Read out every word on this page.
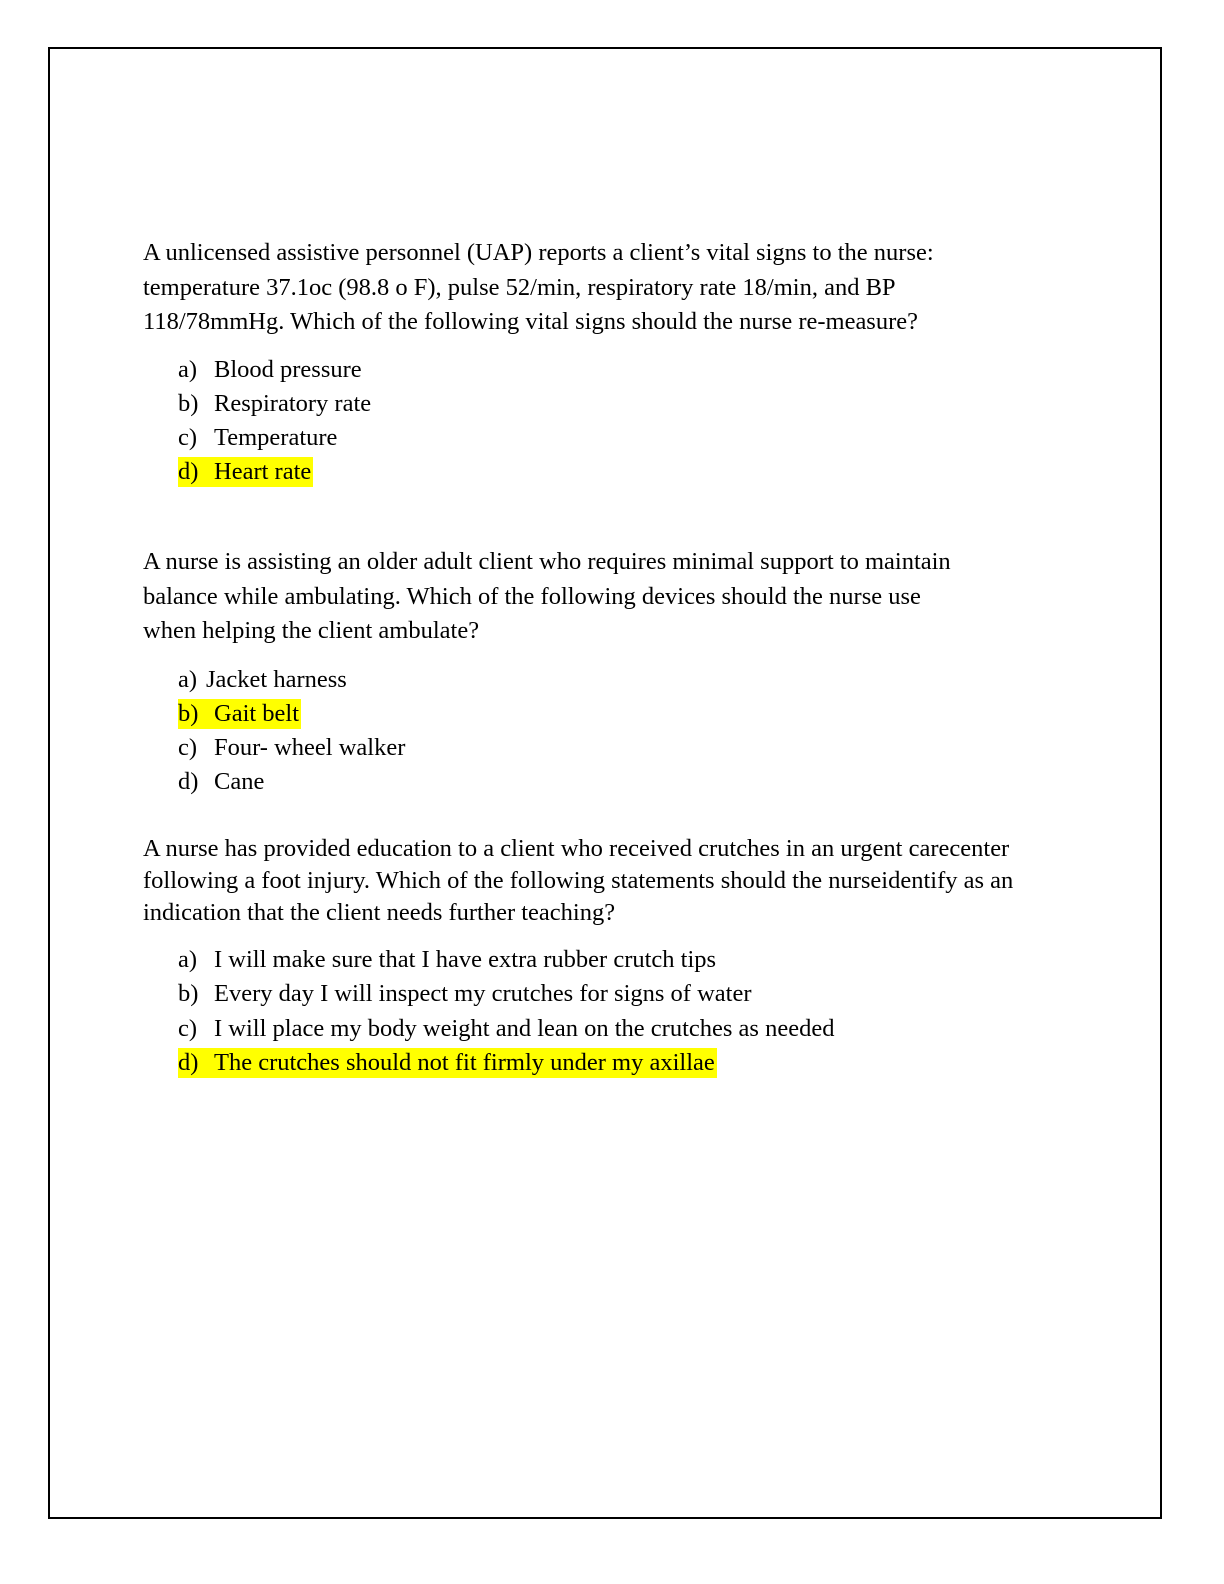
A unlicensed assistive personnel (UAP) reports a client’s vital signs to the nurse:
temperature 37.1oc (98.8 o F), pulse 52/min, respiratory rate 18/min, and BP
118/78mmHg. Which of the following vital signs should the nurse re-measure?

a) Blood pressure
b) Respiratory rate
c) Temperature
d) Heart rate

A nurse is assisting an older adult client who requires minimal support to maintain
balance while ambulating. Which of the following devices should the nurse use
when helping the client ambulate?

a) Jacket harness
b) Gait belt
c) Four- wheel walker
d) Cane

A nurse has provided education to a client who received crutches in an urgent carecenter
following a foot injury. Which of the following statements should the nurseidentify as an
indication that the client needs further teaching?

a) I will make sure that I have extra rubber crutch tips
b) Every day I will inspect my crutches for signs of water
c) I will place my body weight and lean on the crutches as needed
d) The crutches should not fit firmly under my axillae
